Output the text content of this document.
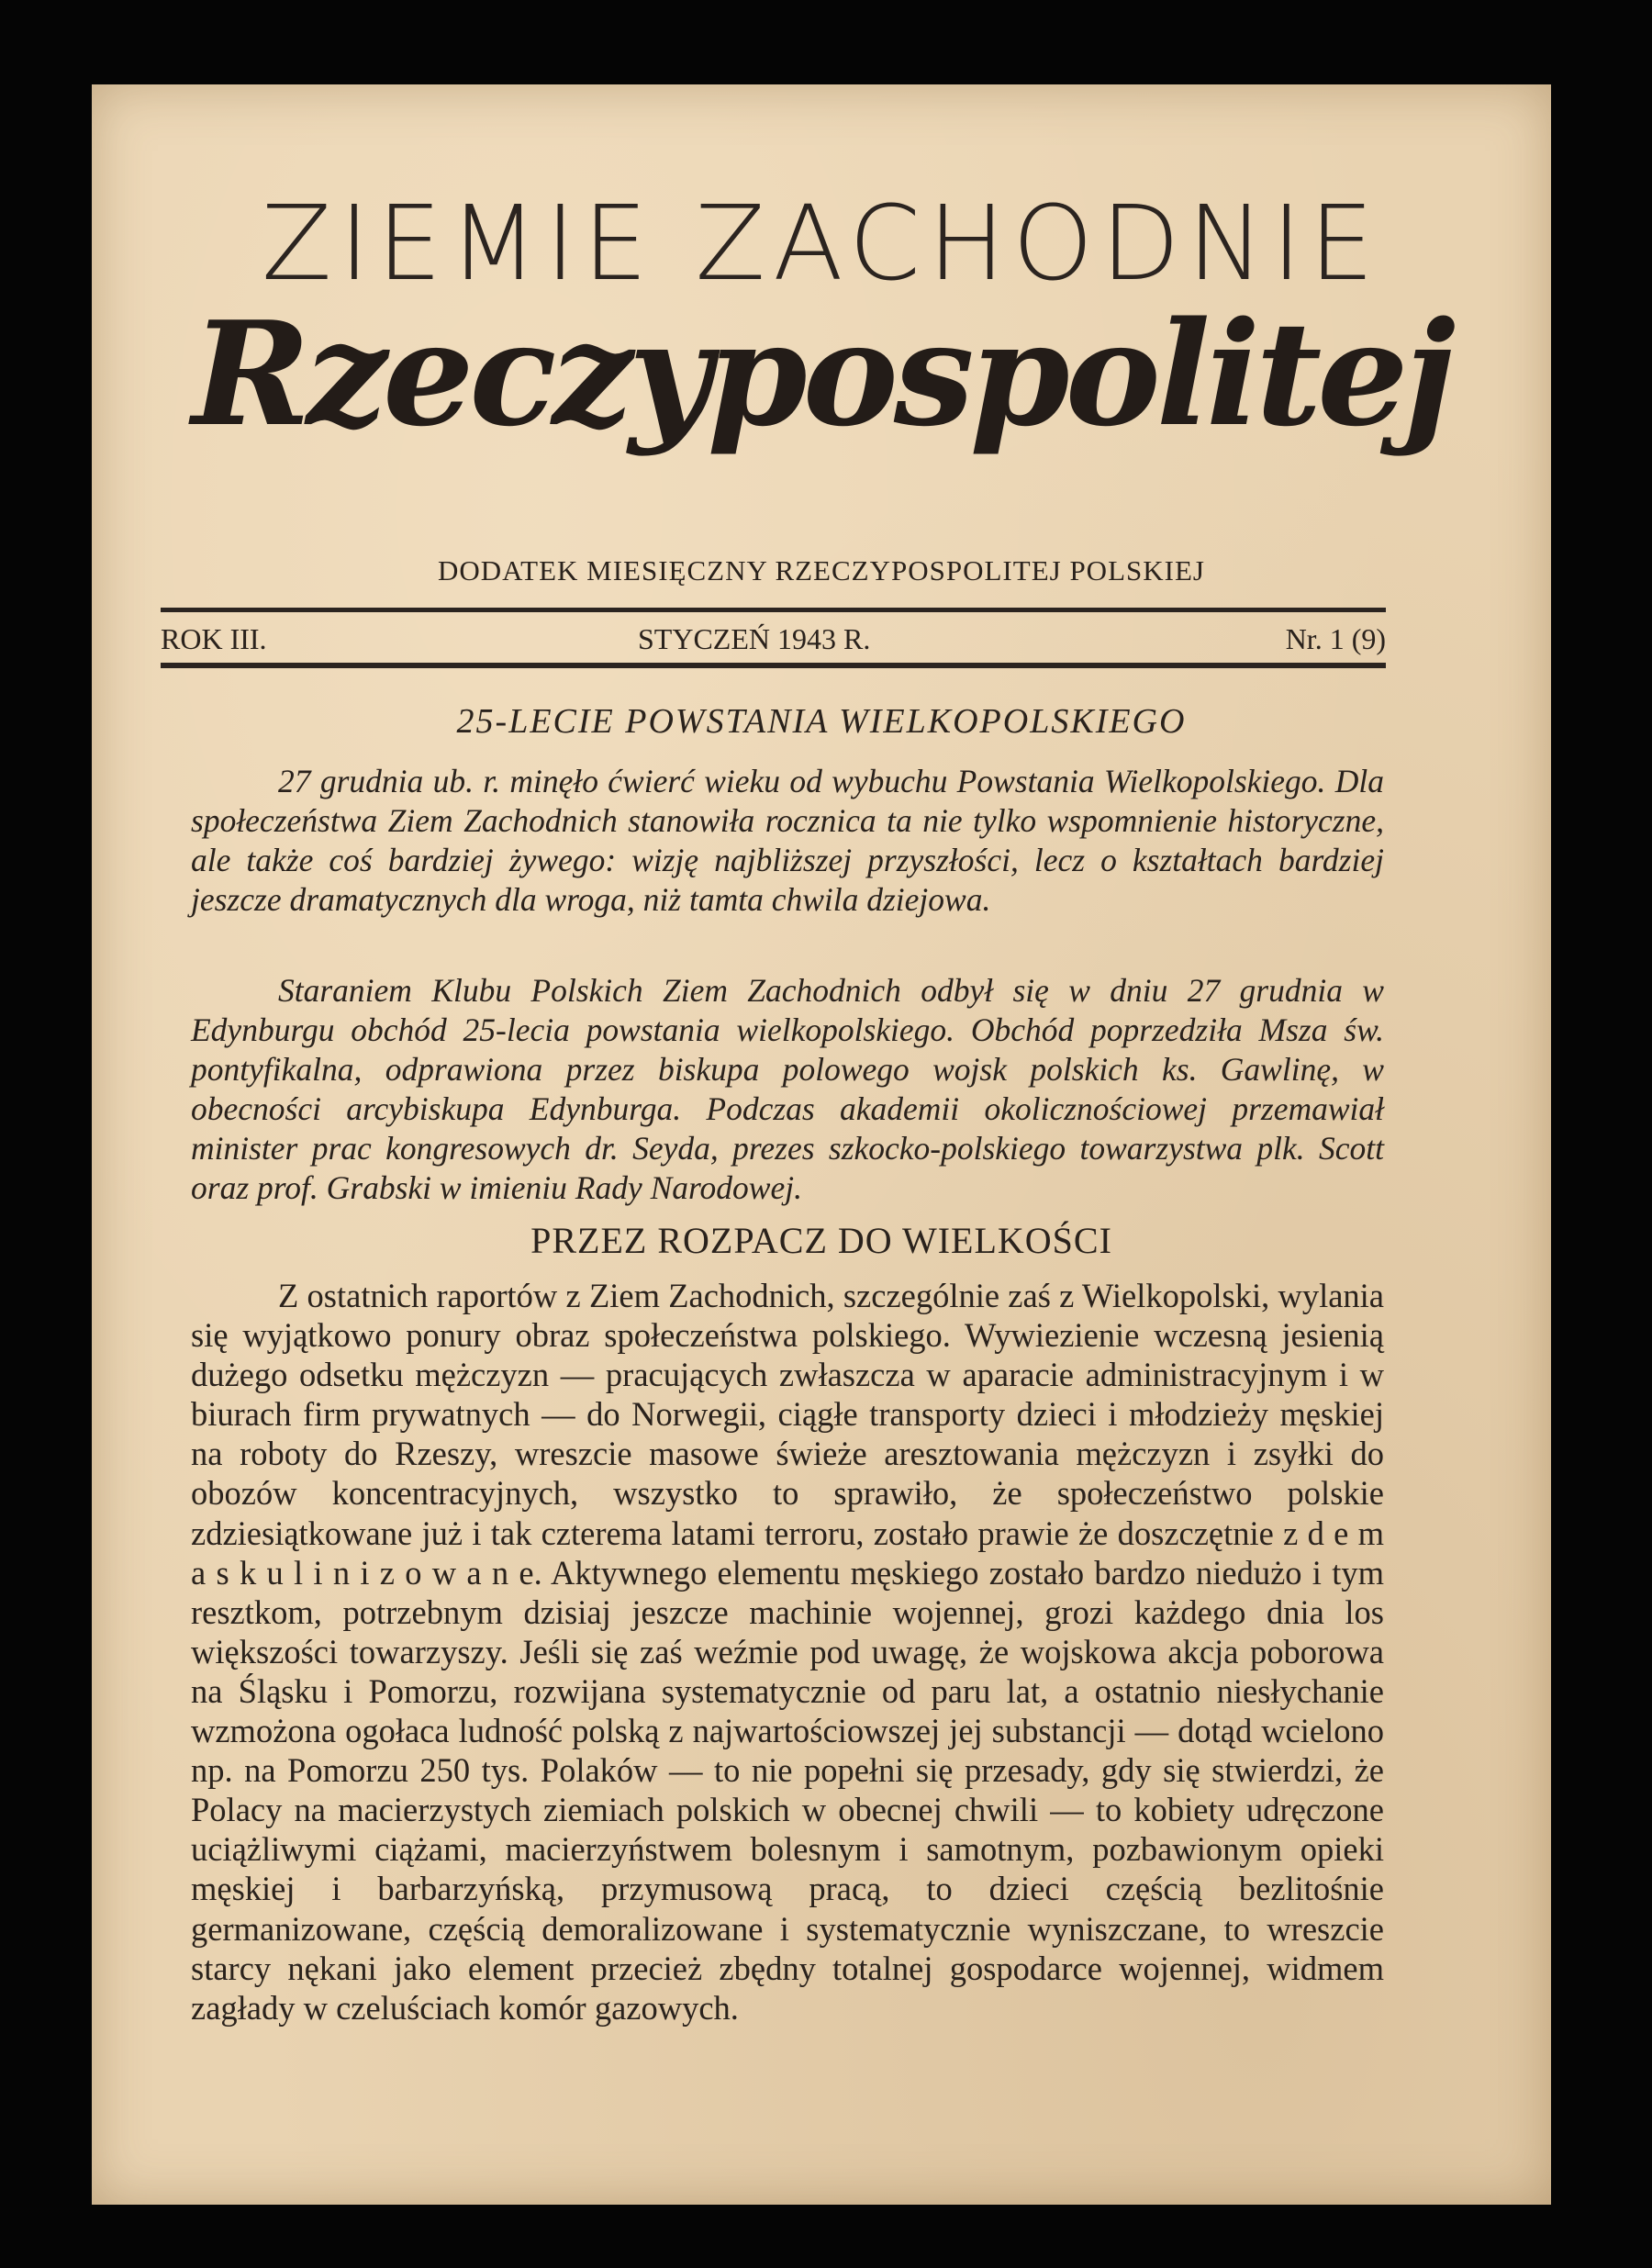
ZIEMIE ZACHODNIE
Rzeczypospolitej
DODATEK MIESIĘCZNY RZECZYPOSPOLITEJ POLSKIEJ
ROK III.	STYCZEŃ 1943 R.	Nr. 1 (9)
25-LECIE POWSTANIA WIELKOPOLSKIEGO

27 grudnia ub. r. minęło ćwierć wieku od wybuchu Powstania Wielkopolskiego. Dla społeczeństwa Ziem Zachodnich stanowiła rocznica ta nie tylko wspomnienie historyczne, ale także coś bardziej żywego: wizję najbliższej przyszłości, lecz o kształtach bardziej jeszcze dramatycznych dla wroga, niż tamta chwila dziejowa.

Staraniem Klubu Polskich Ziem Zachodnich odbył się w dniu 27 grudnia w Edynburgu obchód 25-lecia powstania wielkopolskiego. Obchód poprzedziła Msza św. pontyfikalna, odprawiona przez biskupa polowego wojsk polskich ks. Gawlinę, w obecności arcybiskupa Edynburga. Podczas akademii okolicznościowej przemawiał minister prac kongresowych dr. Seyda, prezes szkocko-polskiego towarzystwa plk. Scott oraz prof. Grabski w imieniu Rady Narodowej.

PRZEZ ROZPACZ DO WIELKOŚCI

Z ostatnich raportów z Ziem Zachodnich, szczególnie zaś z Wielkopolski, wylania się wyjątkowo ponury obraz społeczeństwa polskiego. Wywiezienie wczesną jesienią dużego odsetku mężczyzn — pracujących zwłaszcza w aparacie administracyjnym i w biurach firm prywatnych — do Norwegii, ciągłe transporty dzieci i młodzieży męskiej na roboty do Rzeszy, wreszcie masowe świeże aresztowania mężczyzn i zsyłki do obozów koncentracyjnych, wszystko to sprawiło, że społeczeństwo polskie zdziesiątkowane już i tak czterema latami terroru, zostało prawie że doszczętnie z d e m a s k u l i n i z o w a n e. Aktywnego elementu męskiego zostało bardzo niedużo i tym resztkom, potrzebnym dzisiaj jeszcze machinie wojennej, grozi każdego dnia los większości towarzyszy. Jeśli się zaś weźmie pod uwagę, że wojskowa akcja poborowa na Śląsku i Pomorzu, rozwijana systematycznie od paru lat, a ostatnio niesłychanie wzmożona ogołaca ludność polską z najwartościowszej jej substancji — dotąd wcielono np. na Pomorzu 250 tys. Polaków — to nie popełni się przesady, gdy się stwierdzi, że Polacy na macierzystych ziemiach polskich w obecnej chwili — to kobiety udręczone uciążliwymi ciążami, macierzyństwem bolesnym i samotnym, pozbawionym opieki męskiej i barbarzyńską, przymusową pracą, to dzieci częścią bezlitośnie germanizowane, częścią demoralizowane i systematycznie wyniszczane, to wreszcie starcy nękani jako element przecież zbędny totalnej gospodarce wojennej, widmem zagłady w czeluściach komór gazowych.
